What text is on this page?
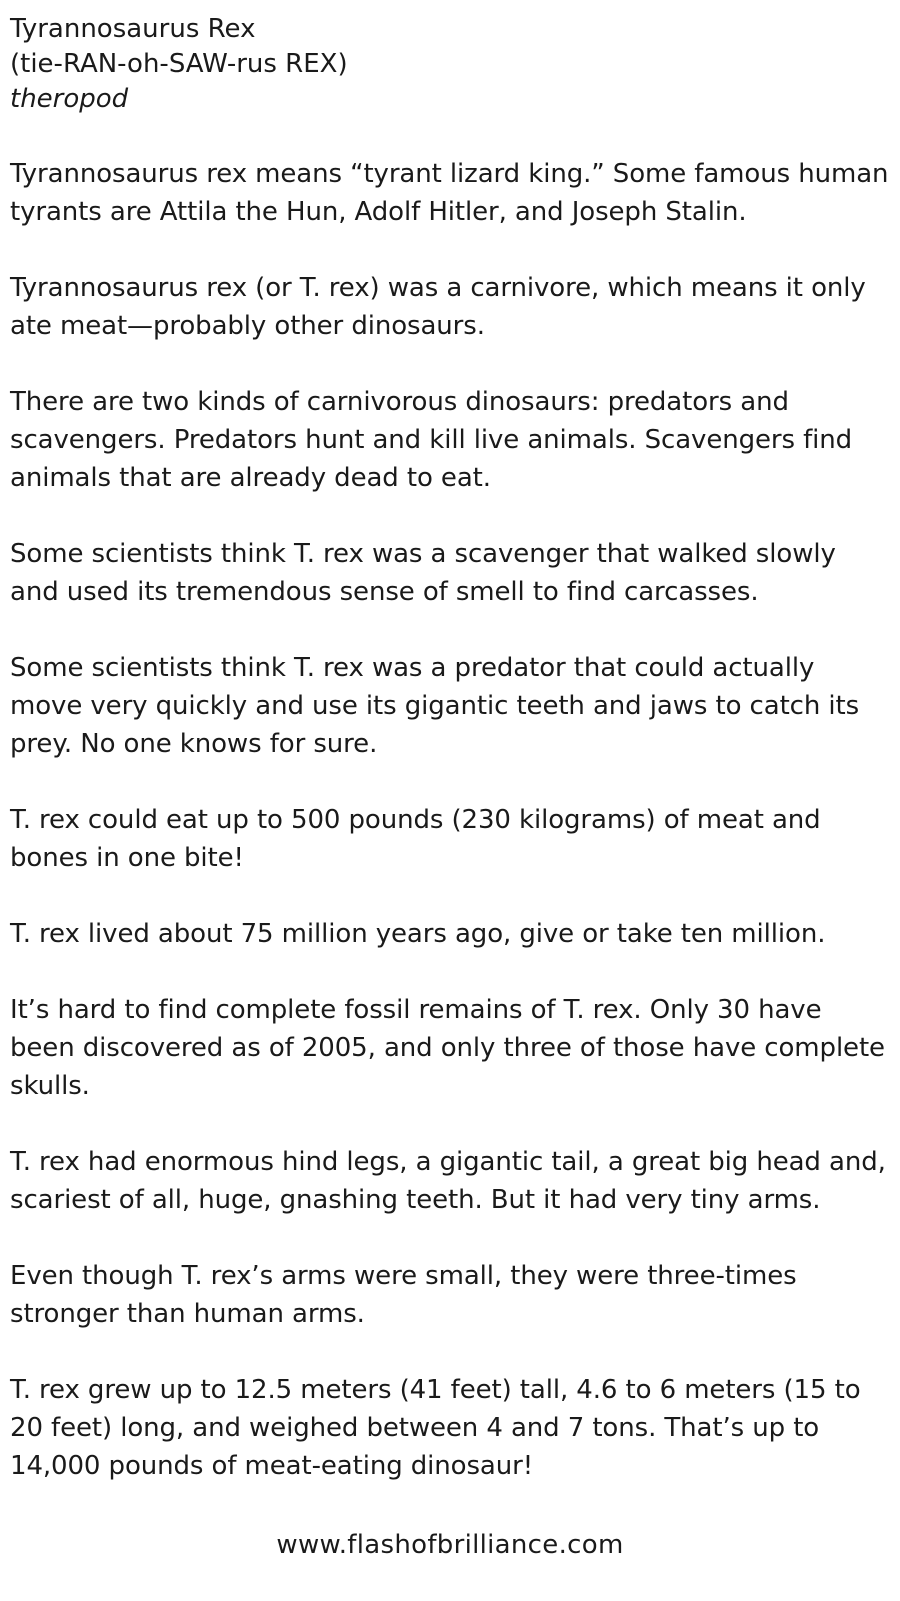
Tyrannosaurus Rex

(tie-RAN-oh-SAW-rus REX)

theropod

Tyrannosaurus rex means “tyrant lizard king.” Some famous human tyrants are Attila the Hun, Adolf Hitler, and Joseph Stalin.

Tyrannosaurus rex (or T. rex) was a carnivore, which means it only ate meat—probably other dinosaurs.

There are two kinds of carnivorous dinosaurs: predators and scavengers. Predators hunt and kill live animals. Scavengers find animals that are already dead to eat.

Some scientists think T. rex was a scavenger that walked slowly and used its tremendous sense of smell to find carcasses.

Some scientists think T. rex was a predator that could actually move very quickly and use its gigantic teeth and jaws to catch its prey. No one knows for sure.

T. rex could eat up to 500 pounds (230 kilograms) of meat and bones in one bite!

T. rex lived about 75 million years ago, give or take ten million.

It’s hard to find complete fossil remains of T. rex. Only 30 have been discovered as of 2005, and only three of those have complete skulls.

T. rex had enormous hind legs, a gigantic tail, a great big head and, scariest of all, huge, gnashing teeth. But it had very tiny arms.

Even though T. rex’s arms were small, they were three-times stronger than human arms.

T. rex grew up to 12.5 meters (41 feet) tall, 4.6 to 6 meters (15 to 20 feet) long, and weighed between 4 and 7 tons. That’s up to 14,000 pounds of meat-eating dinosaur!

www.flashofbrilliance.com
